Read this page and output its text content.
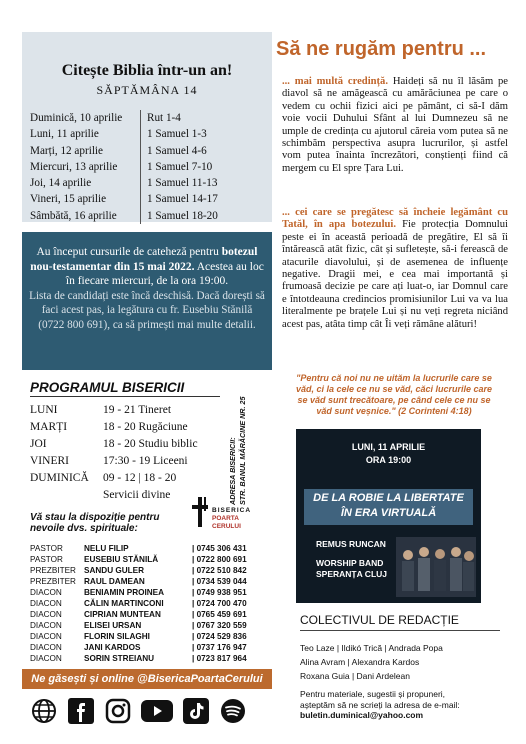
Citește Biblia într-un an!
SĂPTĂMÂNA 14
Duminică, 10 aprilie	Rut 1-4
Luni, 11 aprilie	1 Samuel 1-3
Marți, 12 aprilie	1 Samuel 4-6
Miercuri, 13 aprilie	1 Samuel 7-10
Joi, 14 aprilie	1 Samuel 11-13
Vineri, 15 aprilie	1 Samuel 14-17
Sâmbătă, 16 aprilie	1 Samuel 18-20

Au început cursurile de cateheză pentru botezul nou-testamentar din 15 mai 2022. Acestea au loc în fiecare miercuri, de la ora 19:00.

Lista de candidați este încă deschisă. Dacă dorești să faci acest pas, ia legătura cu fr. Eusebiu Stănilă (0722 800 691), ca să primești mai multe detalii.

PROGRAMUL BISERICII
LUNI	19 - 21 Tineret
MARȚI	18 - 20 Rugăciune
JOI	18 - 20 Studiu biblic
VINERI	17:30 - 19 Liceeni
DUMINICĂ	09 - 12 | 18 - 20
Servicii divine	ADRESA BISERICII: STR. BANUL MĂRĂCINE NR. 25
Vă stau la dispoziție pentru nevoile dvs. spirituale:
BISERICA
POARTA CERULUI
PASTOR	NELU FILIP	| 0745 306 431
PASTOR	EUSEBIU STĂNILĂ	| 0722 800 691
PREZBITER SANDU GULER	| 0722 510 842
PREZBITER RAUL DAMEAN	| 0734 539 044
DIACON	BENIAMIN PROINEA	| 0749 938 951
DIACON	CĂLIN MARTINCONI	| 0724 700 470
DIACON	CIPRIAN MUNTEAN	| 0765 459 691
DIACON	ELISEI URSAN	| 0767 320 559
DIACON	FLORIN SILAGHI	| 0724 529 836
DIACON	JANI KARDOS	| 0737 176 947
DIACON	SORIN STREIANU	| 0723 817 964
Ne găsești și online @BisericaPoartaCerului
Să ne rugăm pentru ...
... mai multă credință. Haideți să nu îl lăsăm pe diavol să ne amăgească cu amărăciunea pe care o vedem cu ochii fizici aici pe pământ, ci să-I dăm voie vocii Duhului Sfânt al lui Dumnezeu să ne umple de credința cu ajutorul căreia vom putea să ne schimbăm perspectiva asupra lucrurilor, și astfel vom putea înainta încrezători, conștienți fiind că mergem cu El spre Țara Lui.
... cei care se pregătesc să încheie legământ cu Tatăl, în apa botezului. Fie protecția Domnului peste ei în această perioadă de pregătire, El să îi întărească atât fizic, cât și sufletește, să-i ferească de atacurile diavolului, și de asemenea de influențe negative. Dragii mei, e cea mai importantă și frumoasă decizie pe care ați luat-o, iar Domnul care e întotdeauna credincios promisiunilor Lui va va lua literalmente pe brațele Lui și nu veți regreta niciând acest pas, atâta timp cât Îi veți rămâne alături!
"Pentru că noi nu ne uităm la lucrurile care se văd, ci la cele ce nu se văd, căci lucrurile care se văd sunt trecătoare, pe când cele ce nu se văd sunt veșnice." (2 Corinteni 4:18)
LUNI, 11 APRILIE
ORA 19:00
DE LA ROBIE LA LIBERTATE
ÎN ERA VIRTUALĂ
REMUS RUNCAN
WORSHIP BAND
SPERANȚA CLUJ
COLECTIVUL DE REDACȚIE
Teo Laze | Ildikó Trică | Andrada Popa
Alina Avram | Alexandra Kardos
Roxana Guia | Dani Ardelean
Pentru materiale, sugestii și propuneri,
așteptăm să ne scrieți la adresa de e-mail:
buletin.duminical@yahoo.com
